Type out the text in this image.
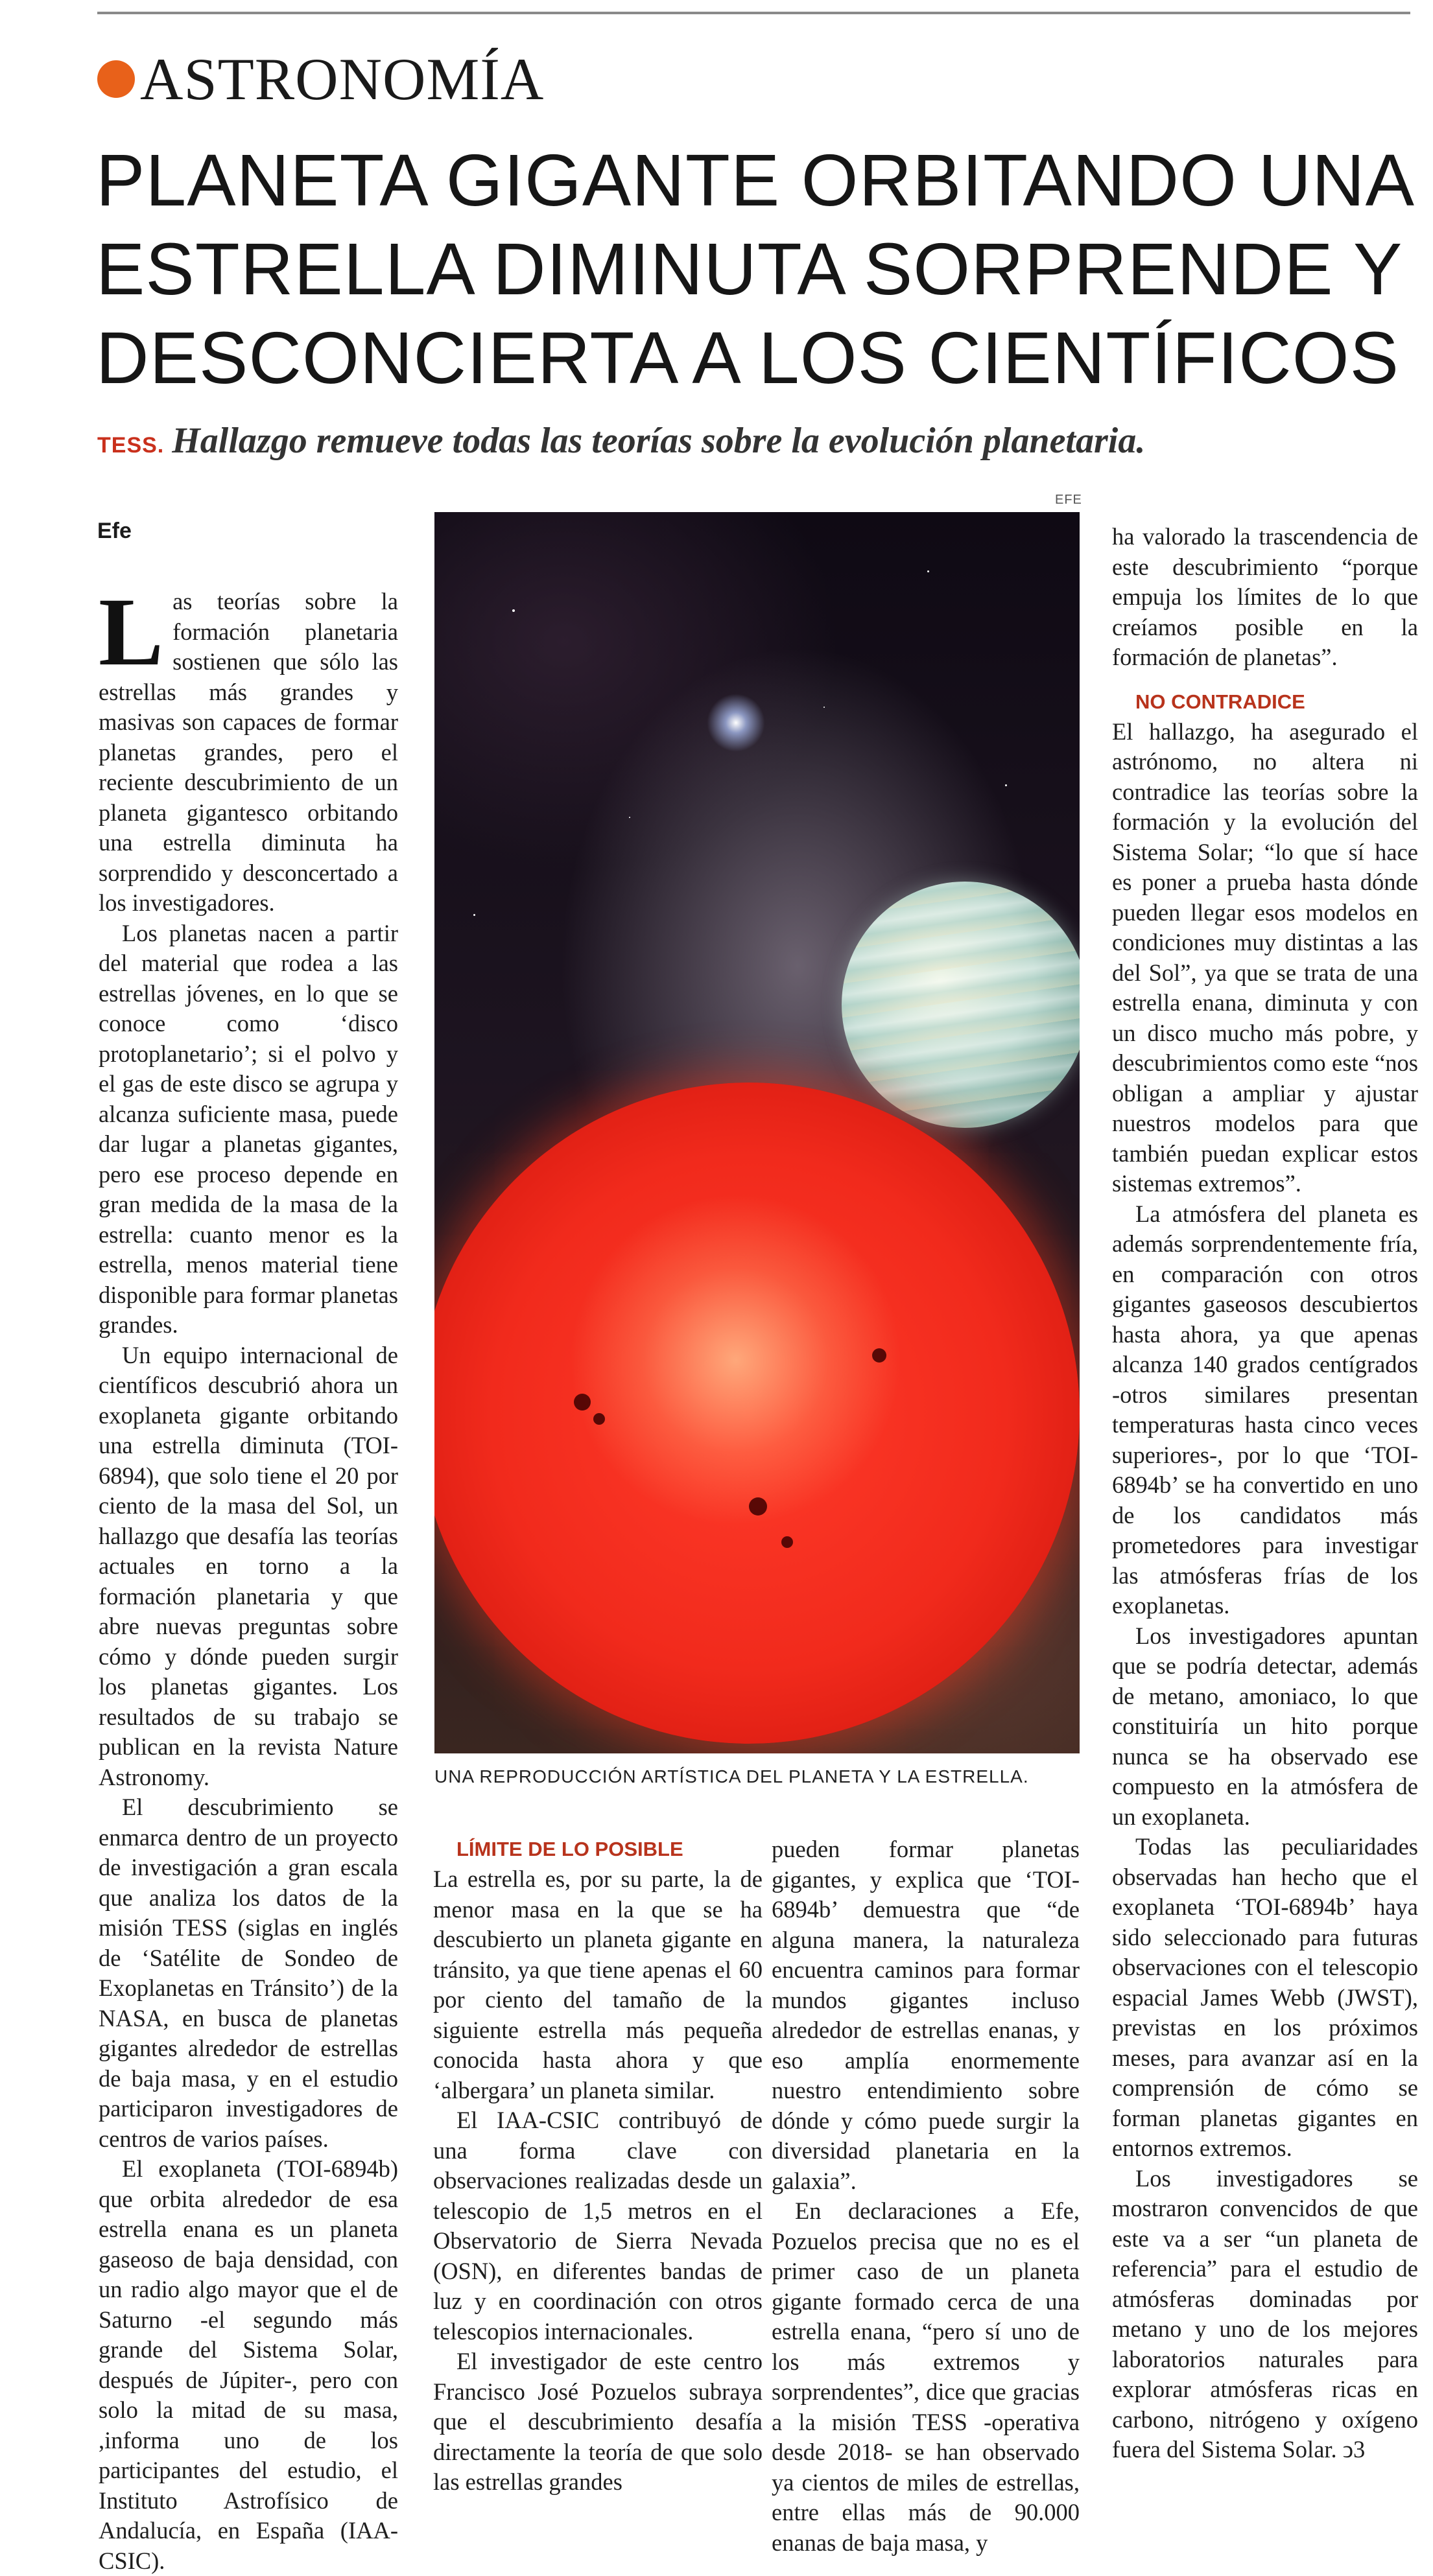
ASTRONOMÍA
PLANETA GIGANTE ORBITANDO UNA
ESTRELLA DIMINUTA SORPRENDE Y
DESCONCIERTA A LOS CIENTÍFICOS
TESS. Hallazgo remueve todas las teorías sobre la evolución planetaria.
Efe

Las teorías sobre la formación planetaria sostienen que sólo las estrellas más grandes y masivas son capaces de formar planetas grandes, pero el reciente descubrimiento de un planeta gigantesco orbitando una estrella diminuta ha sorprendido y desconcertado a los investigadores.

Los planetas nacen a partir del material que rodea a las estrellas jóvenes, en lo que se conoce como ‘disco protoplanetario’; si el polvo y el gas de este disco se agrupa y alcanza suficiente masa, puede dar lugar a planetas gigantes, pero ese proceso depende en gran medida de la masa de la estrella: cuanto menor es la estrella, menos material tiene disponible para formar planetas grandes.

Un equipo internacional de científicos descubrió ahora un exoplaneta gigante orbitando una estrella diminuta (TOI-6894), que solo tiene el 20 por ciento de la masa del Sol, un hallazgo que desafía las teorías actuales en torno a la formación planetaria y que abre nuevas preguntas sobre cómo y dónde pueden surgir los planetas gigantes. Los resultados de su trabajo se publican en la revista Nature Astronomy.

El descubrimiento se enmarca dentro de un proyecto de investigación a gran escala que analiza los datos de la misión TESS (siglas en inglés de ‘Satélite de Sondeo de Exoplanetas en Tránsito’) de la NASA, en busca de planetas gigantes alrededor de estrellas de baja masa, y en el estudio participaron investigadores de centros de varios países.

El exoplaneta (TOI-6894b) que orbita alrededor de esa estrella enana es un planeta gaseoso de baja densidad, con un radio algo mayor que el de Saturno -el segundo más grande del Sistema Solar, después de Júpiter-, pero con solo la mitad de su masa, ,informa uno de los participantes del estudio, el Instituto Astrofísico de Andalucía, en España (IAA-CSIC).

EFE
UNA REPRODUCCIÓN ARTÍSTICA DEL PLANETA Y LA ESTRELLA.

LÍMITE DE LO POSIBLE

La estrella es, por su parte, la de menor masa en la que se ha descubierto un planeta gigante en tránsito, ya que tiene apenas el 60 por ciento del tamaño de la siguiente estrella más pequeña conocida hasta ahora y que ‘albergara’ un planeta similar.

El IAA-CSIC contribuyó de una forma clave con observaciones realizadas desde un telescopio de 1,5 metros en el Observatorio de Sierra Nevada (OSN), en diferentes bandas de luz y en coordinación con otros telescopios internacionales.

El investigador de este centro Francisco José Pozuelos subraya que el descubrimiento desafía directamente la teoría de que solo las estrellas grandes

pueden formar planetas gigantes, y explica que ‘TOI-6894b’ demuestra que “de alguna manera, la naturaleza encuentra caminos para formar mundos gigantes incluso alrededor de estrellas enanas, y eso amplía enormemente nuestro entendimiento sobre dónde y cómo puede surgir la diversidad planetaria en la galaxia”.

En declaraciones a Efe, Pozuelos precisa que no es el primer caso de un planeta gigante formado cerca de una estrella enana, “pero sí uno de los más extremos y sorprendentes”, dice que gracias a la misión TESS -operativa desde 2018- se han observado ya cientos de miles de estrellas, entre ellas más de 90.000 enanas de baja masa, y

ha valorado la trascendencia de este descubrimiento “porque empuja los límites de lo que creíamos posible en la formación de planetas”.

NO CONTRADICE

El hallazgo, ha asegurado el astrónomo, no altera ni contradice las teorías sobre la formación y la evolución del Sistema Solar; “lo que sí hace es poner a prueba hasta dónde pueden llegar esos modelos en condiciones muy distintas a las del Sol”, ya que se trata de una estrella enana, diminuta y con un disco mucho más pobre, y descubrimientos como este “nos obligan a ampliar y ajustar nuestros modelos para que también puedan explicar estos sistemas extremos”.

La atmósfera del planeta es además sorprendentemente fría, en comparación con otros gigantes gaseosos descubiertos hasta ahora, ya que apenas alcanza 140 grados centígrados -otros similares presentan temperaturas hasta cinco veces superiores-, por lo que ‘TOI-6894b’ se ha convertido en uno de los candidatos más prometedores para investigar las atmósferas frías de los exoplanetas.

Los investigadores apuntan que se podría detectar, además de metano, amoniaco, lo que constituiría un hito porque nunca se ha observado ese compuesto en la atmósfera de un exoplaneta.

Todas las peculiaridades observadas han hecho que el exoplaneta ‘TOI-6894b’ haya sido seleccionado para futuras observaciones con el telescopio espacial James Webb (JWST), previstas en los próximos meses, para avanzar así en la comprensión de cómo se forman planetas gigantes en entornos extremos.

Los investigadores se mostraron convencidos de que este va a ser “un planeta de referencia” para el estudio de atmósferas dominadas por metano y uno de los mejores laboratorios naturales para explorar atmósferas ricas en carbono, nitrógeno y oxígeno fuera del Sistema Solar. ↄ3
